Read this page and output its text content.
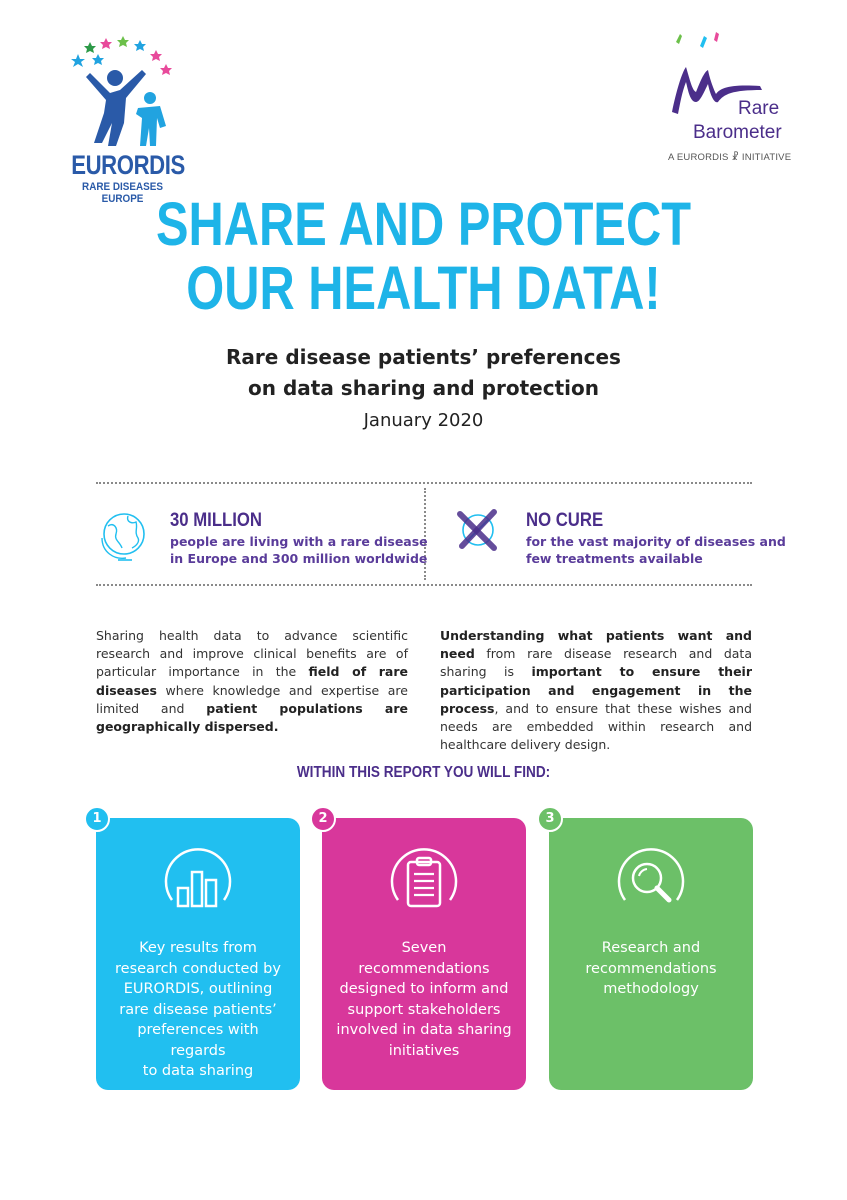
EURORDIS
RARE DISEASES EUROPE
Rare
Barometer
A EURORDIS ☧ INITIATIVE
SHARE AND PROTECT
OUR HEALTH DATA!
Rare disease patients’ preferences
on data sharing and protection
January 2020
30 MILLION
people are living with a rare disease
in Europe and 300 million worldwide
NO CURE
for the vast majority of diseases and
few treatments available
Sharing health data to advance scientific research and improve clinical benefits are of particular importance in the field of rare diseases where knowledge and expertise are limited and patient populations are geographically dispersed.
Understanding what patients want and need from rare disease research and data sharing is important to ensure their participation and engagement in the process, and to ensure that these wishes and needs are embedded within research and healthcare delivery design.
WITHIN THIS REPORT YOU WILL FIND:
1
Key results from
research conducted by
EURORDIS, outlining
rare disease patients’
preferences with regards
to data sharing
2
Seven recommendations
designed to inform and
support stakeholders
involved in data sharing
initiatives
3
Research and
recommendations
methodology
